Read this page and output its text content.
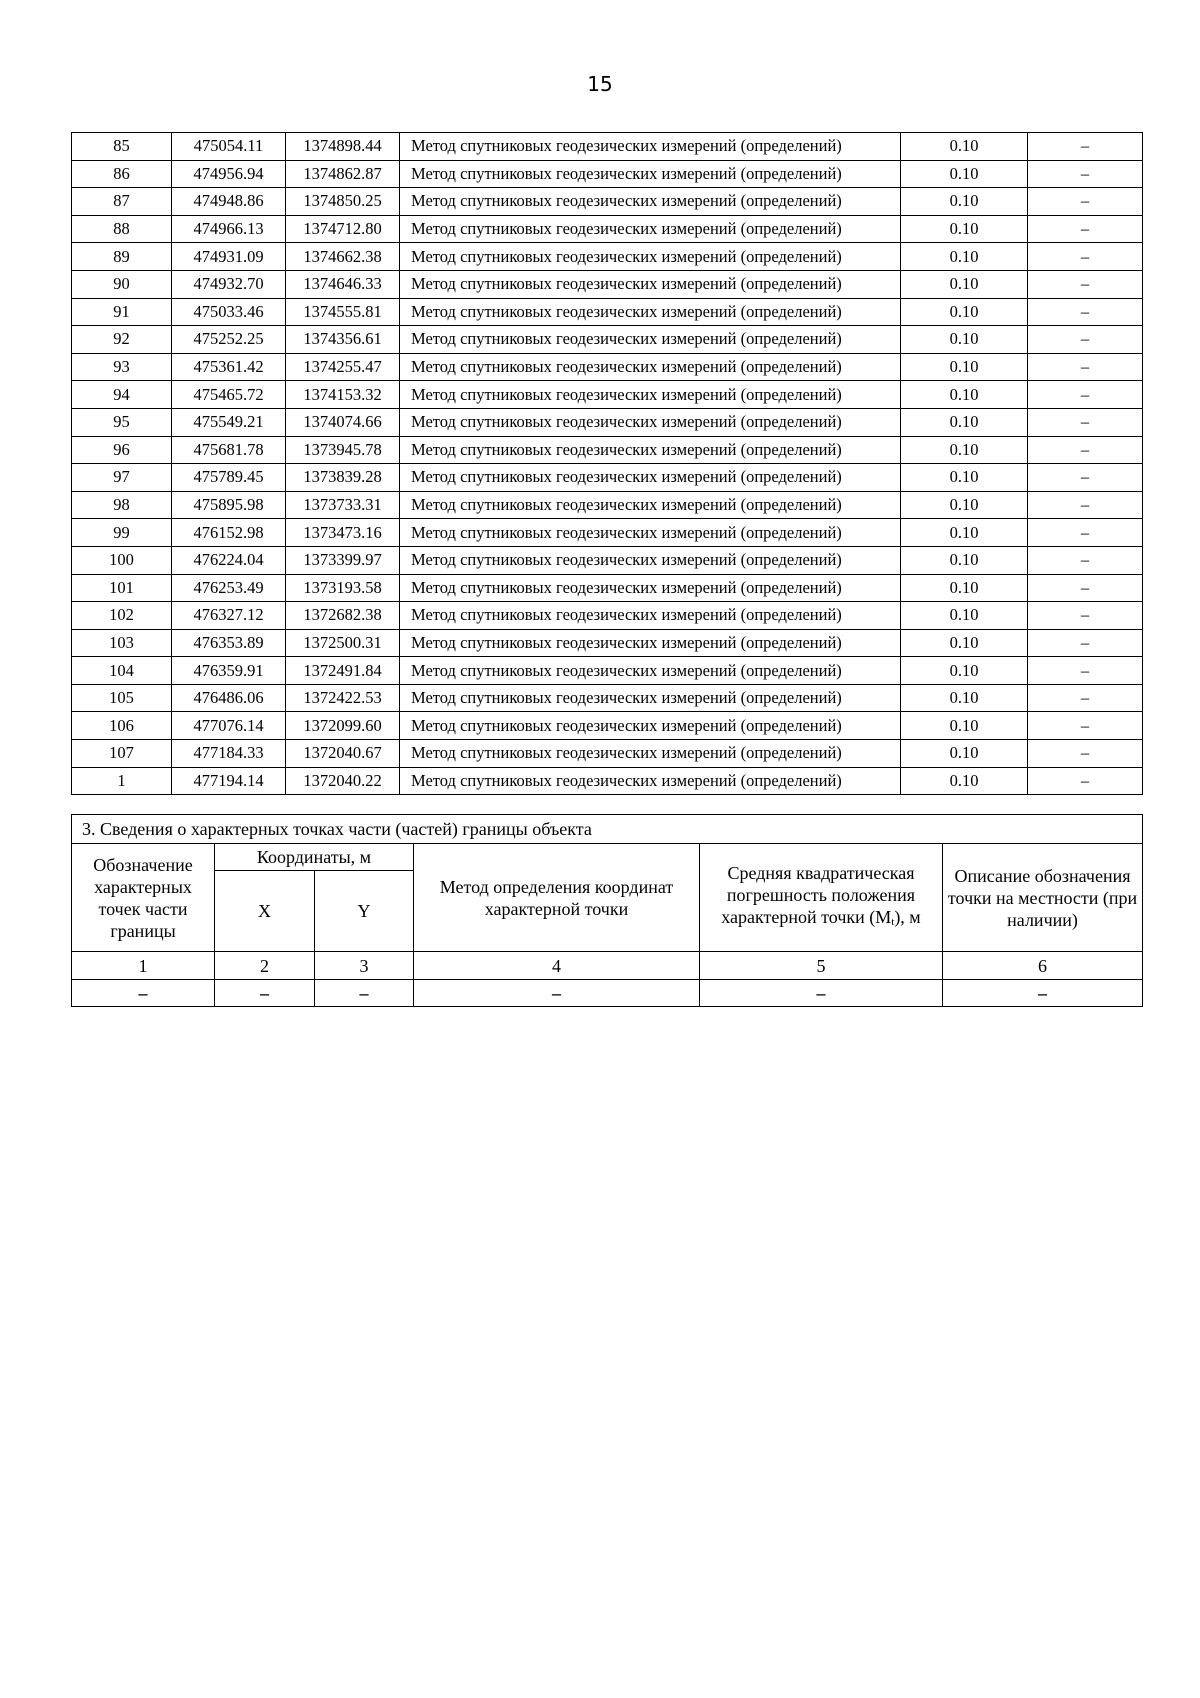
15
85	475054.11	1374898.44	Метод спутниковых геодезических измерений (определений)	0.10	–
86	474956.94	1374862.87	Метод спутниковых геодезических измерений (определений)	0.10	–
87	474948.86	1374850.25	Метод спутниковых геодезических измерений (определений)	0.10	–
88	474966.13	1374712.80	Метод спутниковых геодезических измерений (определений)	0.10	–
89	474931.09	1374662.38	Метод спутниковых геодезических измерений (определений)	0.10	–
90	474932.70	1374646.33	Метод спутниковых геодезических измерений (определений)	0.10	–
91	475033.46	1374555.81	Метод спутниковых геодезических измерений (определений)	0.10	–
92	475252.25	1374356.61	Метод спутниковых геодезических измерений (определений)	0.10	–
93	475361.42	1374255.47	Метод спутниковых геодезических измерений (определений)	0.10	–
94	475465.72	1374153.32	Метод спутниковых геодезических измерений (определений)	0.10	–
95	475549.21	1374074.66	Метод спутниковых геодезических измерений (определений)	0.10	–
96	475681.78	1373945.78	Метод спутниковых геодезических измерений (определений)	0.10	–
97	475789.45	1373839.28	Метод спутниковых геодезических измерений (определений)	0.10	–
98	475895.98	1373733.31	Метод спутниковых геодезических измерений (определений)	0.10	–
99	476152.98	1373473.16	Метод спутниковых геодезических измерений (определений)	0.10	–
100	476224.04	1373399.97	Метод спутниковых геодезических измерений (определений)	0.10	–
101	476253.49	1373193.58	Метод спутниковых геодезических измерений (определений)	0.10	–
102	476327.12	1372682.38	Метод спутниковых геодезических измерений (определений)	0.10	–
103	476353.89	1372500.31	Метод спутниковых геодезических измерений (определений)	0.10	–
104	476359.91	1372491.84	Метод спутниковых геодезических измерений (определений)	0.10	–
105	476486.06	1372422.53	Метод спутниковых геодезических измерений (определений)	0.10	–
106	477076.14	1372099.60	Метод спутниковых геодезических измерений (определений)	0.10	–
107	477184.33	1372040.67	Метод спутниковых геодезических измерений (определений)	0.10	–
1	477194.14	1372040.22	Метод спутниковых геодезических измерений (определений)	0.10	–
3. Сведения о характерных точках части (частей) границы объекта					
Обозначение характерных точек части границы	Координаты, м		Метод определения координат характерной точки	Средняя квадратическая погрешность положения характерной точки $(M_t)$, м	Описание обозначения точки на местности (при наличии)
	X	Y			
1	2	3	4	5	6
–	–	–	–	–	–
